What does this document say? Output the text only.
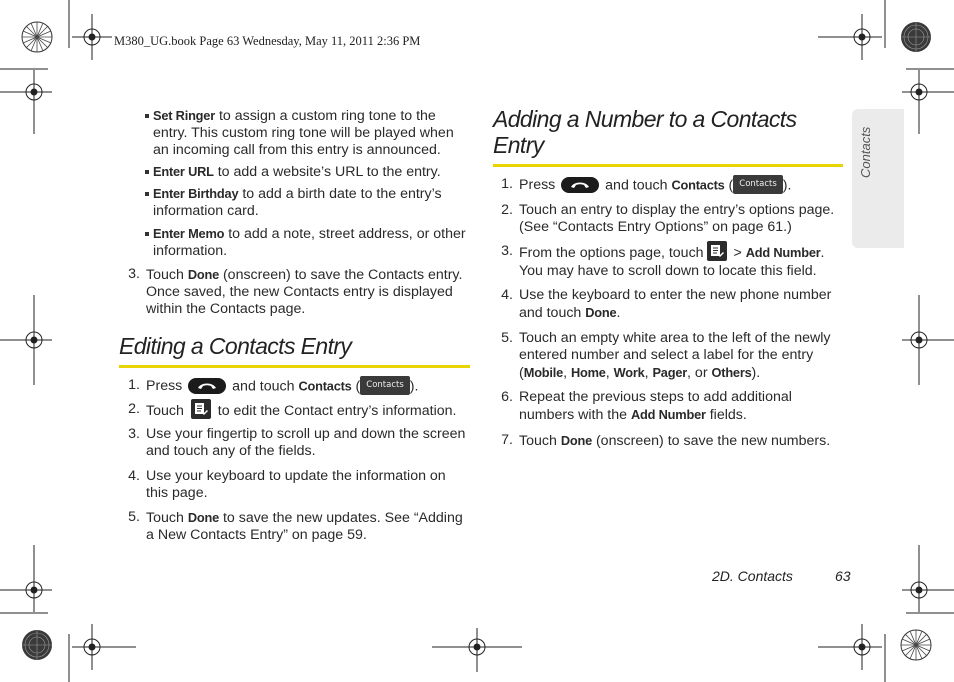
M380_UG.book Page 63 Wednesday, May 11, 2011 2:36 PM
Contacts
Set Ringer to assign a custom ring tone to the
entry. This custom ring tone will be played when
an incoming call from this entry is announced.
Enter URL to add a website’s URL to the entry.
Enter Birthday to add a birth date to the entry’s
information card.
Enter Memo to add a note, street address, or other
information.
3. Touch Done (onscreen) to save the Contacts entry.
Once saved, the new Contacts entry is displayed
within the Contacts page.
Editing a Contacts Entry
1. Press	and touch Contacts ( Contacts ).
2. Touch
to edit the Contact entry’s information.
3. Use your fingertip to scroll up and down the screen
and touch any of the fields.
4. Use your keyboard to update the information on
this page.
5. Touch Done to save the new updates. See “Adding
a New Contacts Entry” on page 59.
Adding a Number to a Contacts
Entry
1. Press	and touch Contacts ( Contacts ).
2. Touch an entry to display the entry’s options page.
(See “Contacts Entry Options” on page 61.)
3. From the options page, touch
> Add Number.
You may have to scroll down to locate this field.
4. Use the keyboard to enter the new phone number
and touch Done.
5. Touch an empty white area to the left of the newly
entered number and select a label for the entry
(Mobile, Home, Work, Pager, or Others).
6. Repeat the previous steps to add additional
numbers with the Add Number fields.
7. Touch Done (onscreen) to save the new numbers.
2D. Contacts	63
